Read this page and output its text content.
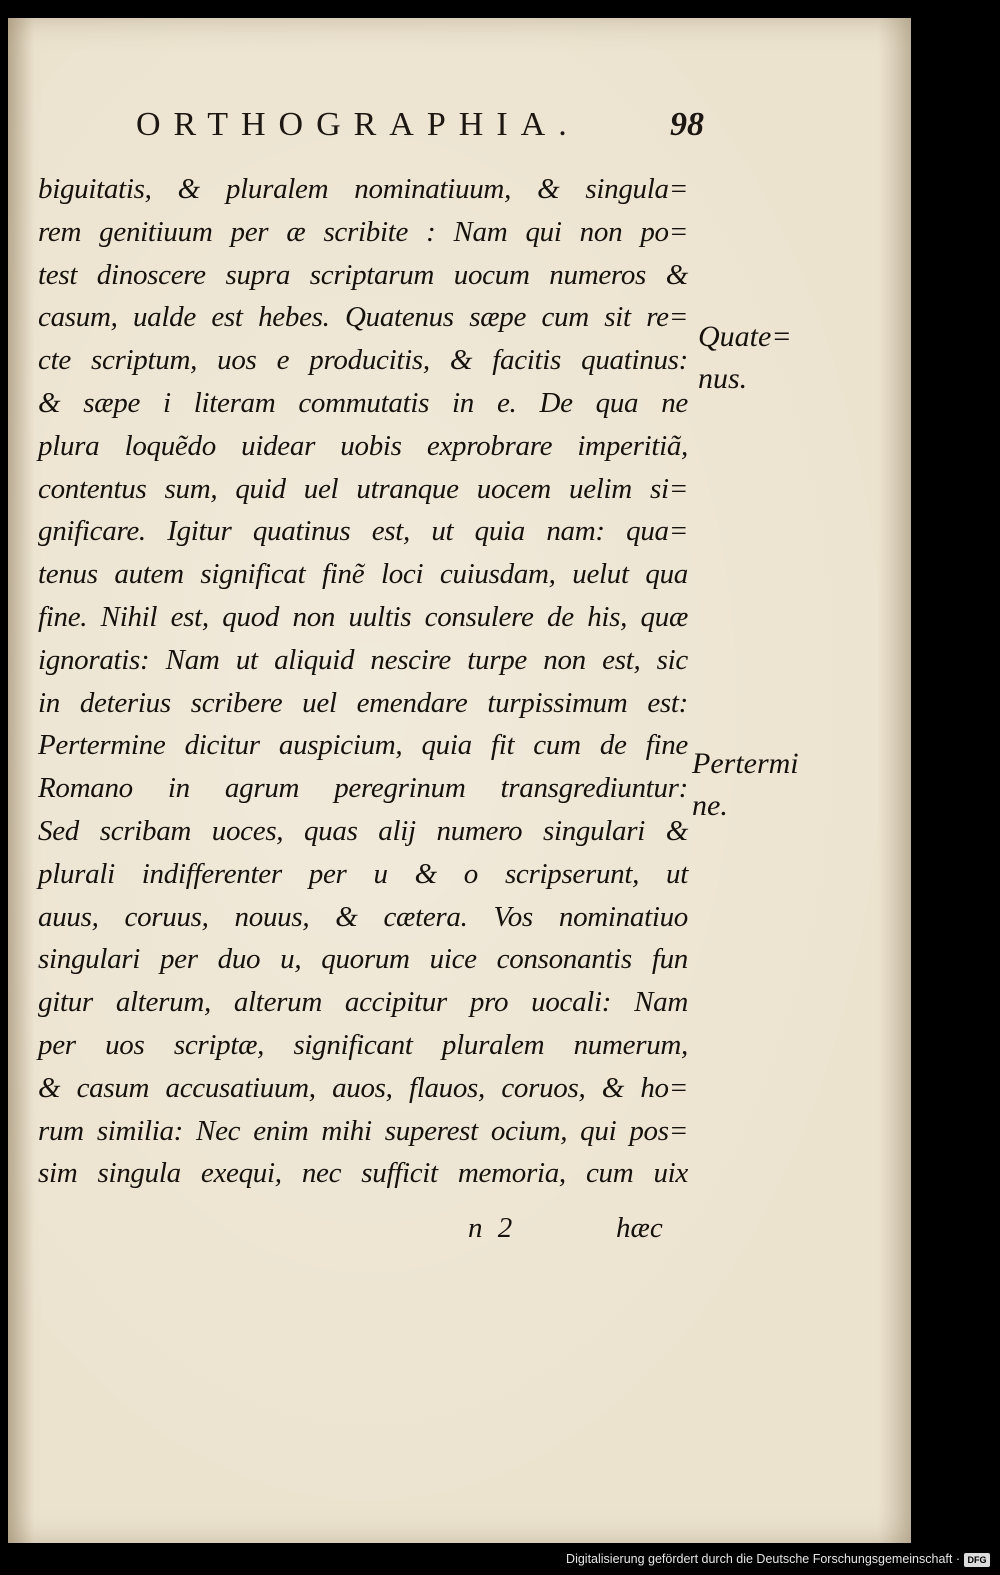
ORTHOGRAPHIA.	98
biguitatis, & pluralem nominatiuum, & singula=
rem genitiuum per æ scribite : Nam qui non po=
test dinoscere supra scriptarum uocum numeros &
casum, ualde est hebes. Quatenus sæpe cum sit re=
cte scriptum, uos e producitis, & facitis quatinus:
& sæpe i literam commutatis in e. De qua ne
plura loquẽdo uidear uobis exprobrare imperitiã,
contentus sum, quid uel utranque uocem uelim si=
gnificare. Igitur quatinus est, ut quia nam: qua=
tenus autem significat finẽ loci cuiusdam, uelut qua
fine. Nihil est, quod non uultis consulere de his, quæ
ignoratis: Nam ut aliquid nescire turpe non est, sic
in deterius scribere uel emendare turpissimum est:
Pertermine dicitur auspicium, quia fit cum de fine
Romano in agrum peregrinum transgrediuntur:
Sed scribam uoces, quas alij numero singulari &
plurali indifferenter per u & o scripserunt, ut
auus, coruus, nouus, & cætera. Vos nominatiuo
singulari per duo u, quorum uice consonantis fun
gitur alterum, alterum accipitur pro uocali: Nam
per uos scriptæ, significant pluralem numerum,
& casum accusatiuum, auos, flauos, coruos, & ho=
rum similia: Nec enim mihi superest ocium, qui pos=
sim singula exequi, nec sufficit memoria, cum uix
n 2	hæc
Quate=
nus.
Pertermi
ne.
Digitalisierung gefördert durch die Deutsche Forschungsgemeinschaft · DFG
